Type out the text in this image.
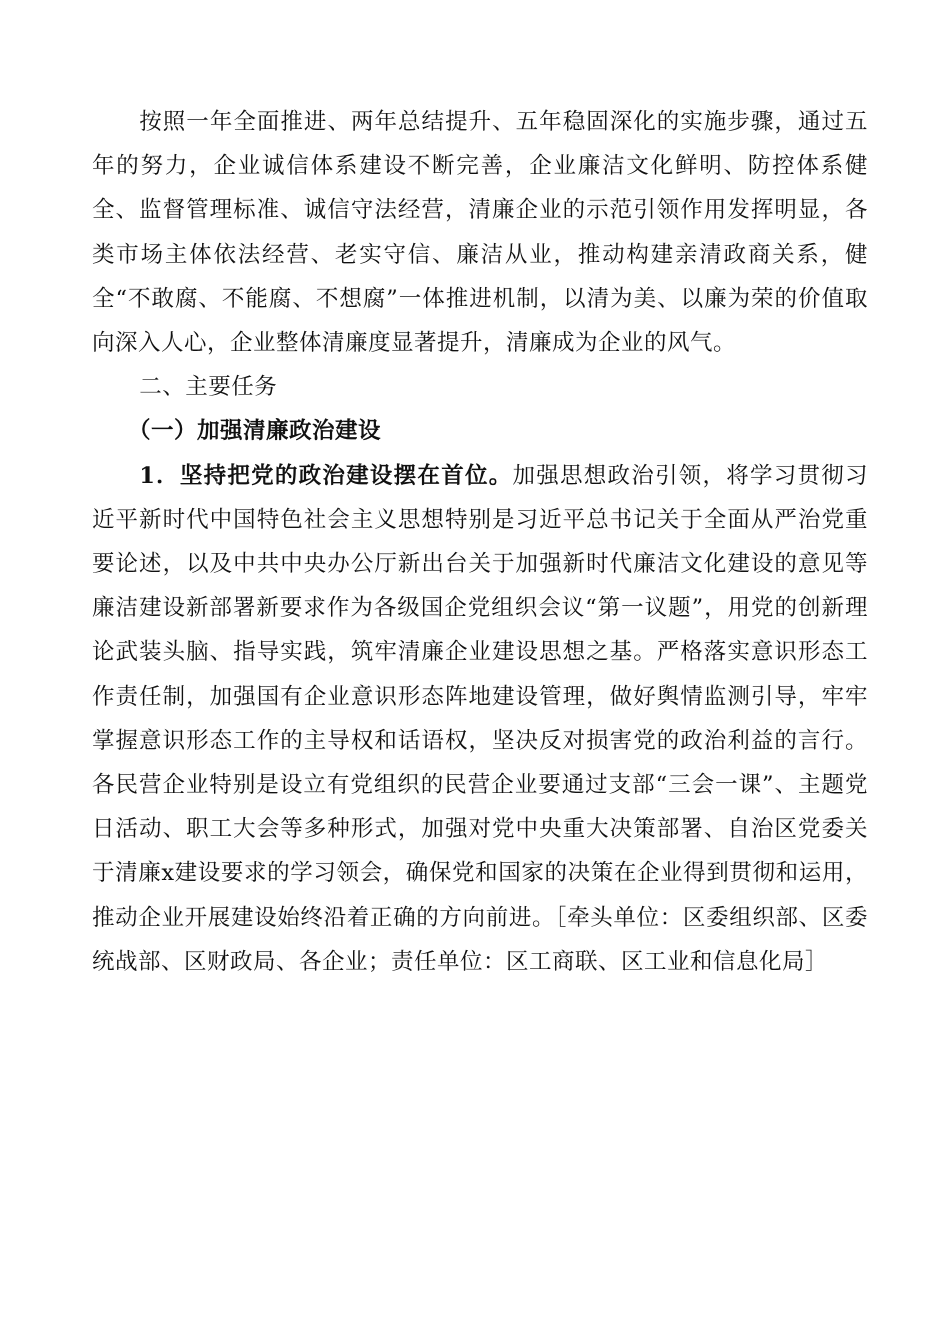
按照一年全面推进、两年总结提升、五年稳固深化的实施步骤，通过五年的努力，企业诚信体系建设不断完善，企业廉洁文化鲜明、防控体系健全、监督管理标准、诚信守法经营，清廉企业的示范引领作用发挥明显，各类市场主体依法经营、老实守信、廉洁从业，推动构建亲清政商关系，健全“不敢腐、不能腐、不想腐”一体推进机制，以清为美、以廉为荣的价值取向深入人心，企业整体清廉度显著提升，清廉成为企业的风气。

二、主要任务
（一）加强清廉政治建设

1．坚持把党的政治建设摆在首位。加强思想政治引领，将学习贯彻习近平新时代中国特色社会主义思想特别是习近平总书记关于全面从严治党重要论述，以及中共中央办公厅新出台关于加强新时代廉洁文化建设的意见等廉洁建设新部署新要求作为各级国企党组织会议“第一议题”，用党的创新理论武装头脑、指导实践，筑牢清廉企业建设思想之基。严格落实意识形态工作责任制，加强国有企业意识形态阵地建设管理，做好舆情监测引导，牢牢掌握意识形态工作的主导权和话语权，坚决反对损害党的政治利益的言行。各民营企业特别是设立有党组织的民营企业要通过支部“三会一课”、主题党日活动、职工大会等多种形式，加强对党中央重大决策部署、自治区党委关于清廉x建设要求的学习领会，确保党和国家的决策在企业得到贯彻和运用，推动企业开展建设始终沿着正确的方向前进。［牵头单位：区委组织部、区委统战部、区财政局、各企业；责任单位：区工商联、区工业和信息化局］
